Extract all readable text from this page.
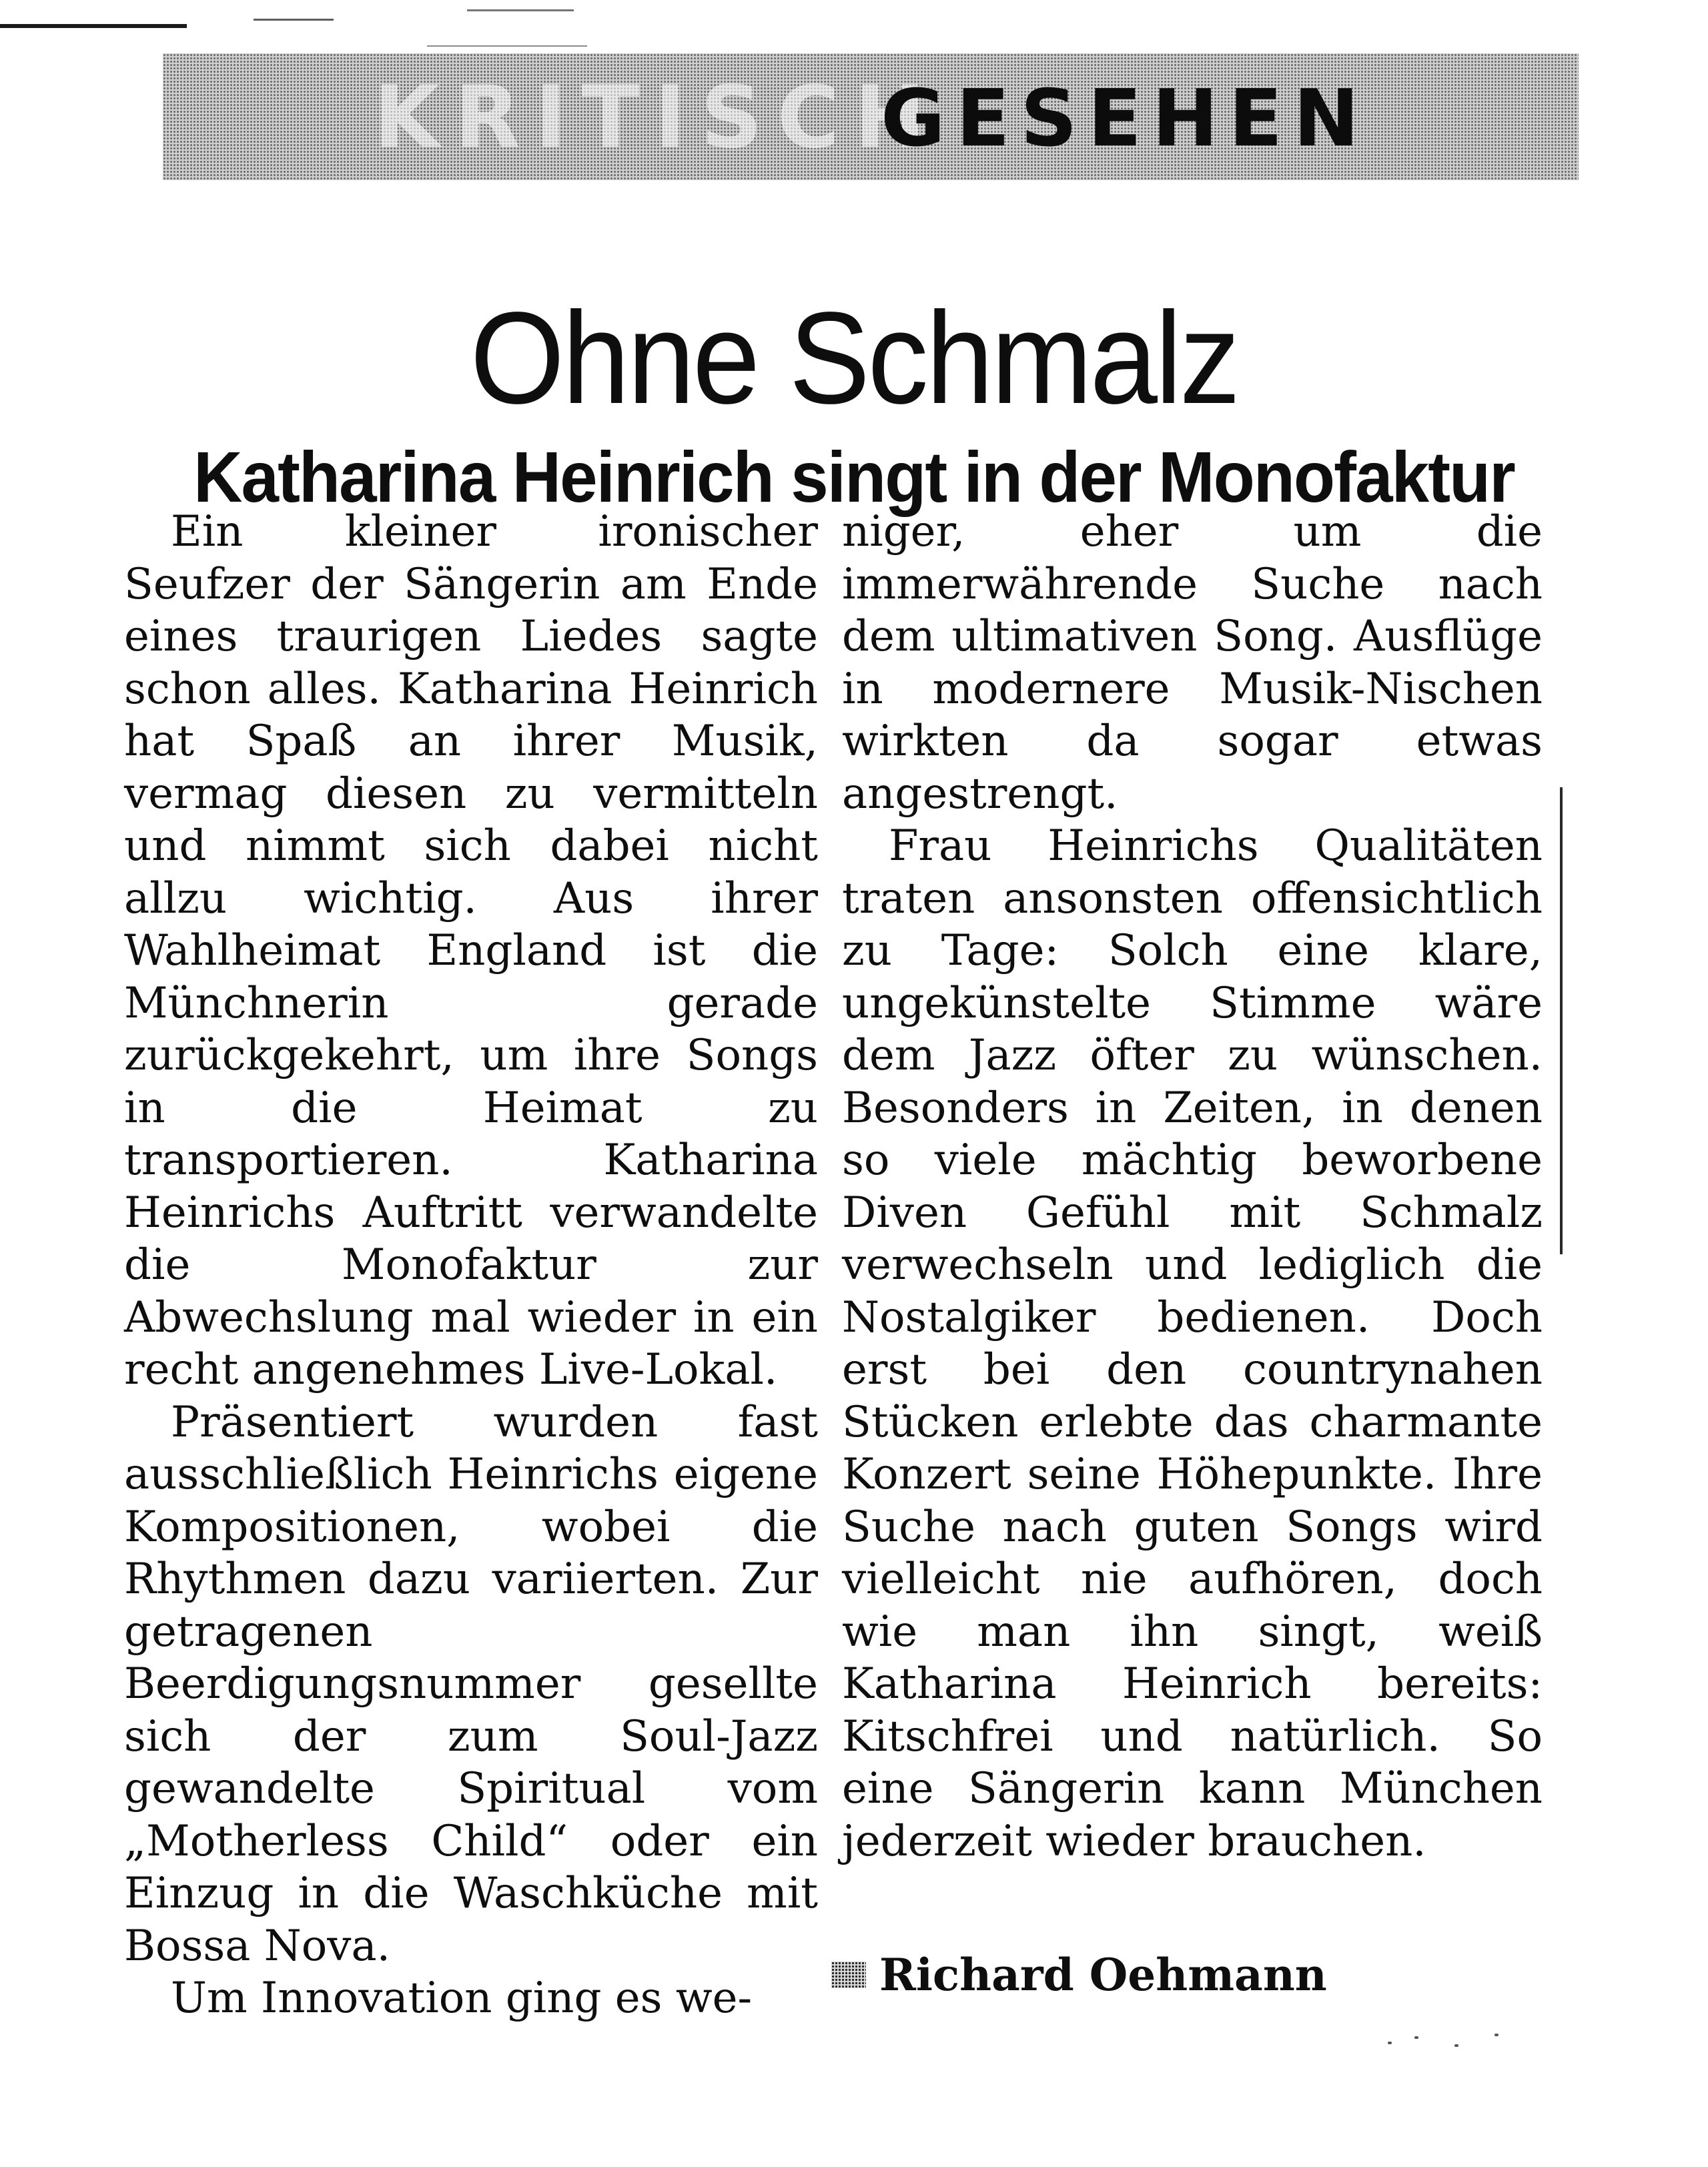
KRITISCH
GESEHEN
Ohne Schmalz
Katharina Heinrich singt in der Monofaktur

Ein kleiner ironischer Seufzer der Sängerin am Ende eines traurigen Liedes sagte schon alles. Katharina Heinrich hat Spaß an ihrer Musik, vermag diesen zu vermitteln und nimmt sich dabei nicht allzu wichtig. Aus ihrer Wahlheimat England ist die Münchnerin gerade zurückgekehrt, um ihre Songs in die Heimat zu transportieren. Katharina Heinrichs Auftritt verwandelte die Monofaktur zur Abwechslung mal wieder in ein recht angenehmes Live-Lokal.

Präsentiert wurden fast ausschließlich Heinrichs eigene Kompositionen, wobei die Rhythmen dazu variierten. Zur getragenen Beerdigungsnummer gesellte sich der zum Soul-Jazz gewandelte Spiritual vom „Motherless Child“ oder ein Einzug in die Waschküche mit Bossa Nova.

Um Innovation ging es we-

niger, eher um die immerwährende Suche nach dem ultimativen Song. Ausflüge in modernere Musik-Nischen wirkten da sogar etwas angestrengt.

Frau Heinrichs Qualitäten traten ansonsten offensichtlich zu Tage: Solch eine klare, ungekünstelte Stimme wäre dem Jazz öfter zu wünschen. Besonders in Zeiten, in denen so viele mächtig beworbene Diven Gefühl mit Schmalz verwechseln und lediglich die Nostalgiker bedienen. Doch erst bei den countrynahen Stücken erlebte das charmante Konzert seine Höhepunkte. Ihre Suche nach guten Songs wird vielleicht nie aufhören, doch wie man ihn singt, weiß Katharina Heinrich bereits: Kitschfrei und natürlich. So eine Sängerin kann München jederzeit wieder brauchen.

Richard Oehmann
